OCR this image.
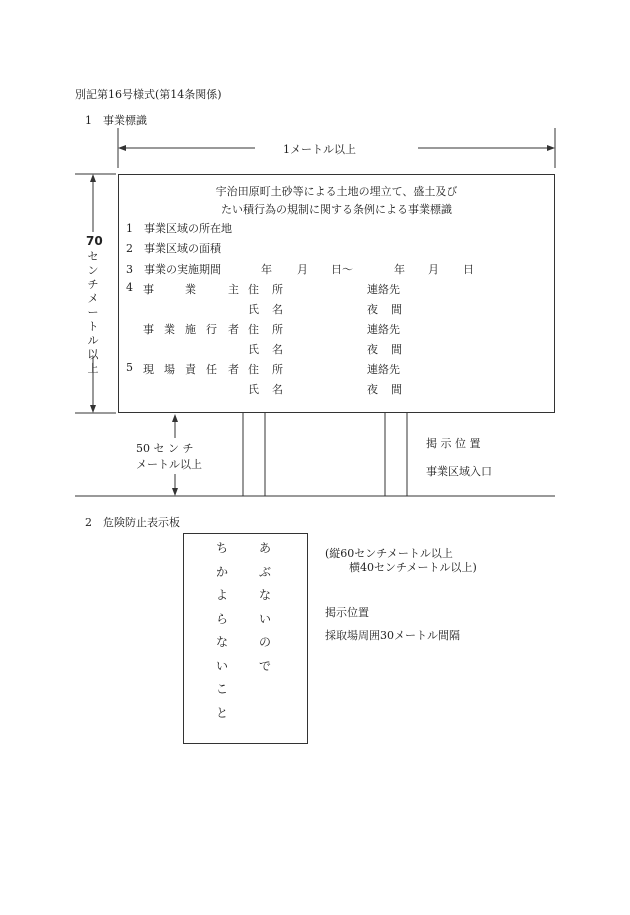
別記第16号様式(第14条関係)
1　事業標識
1メートル以上
70
セ
ン
チ
メ
ー
ト
ル
以
上
宇治田原町土砂等による土地の埋立て、盛土及び
たい積行為の規制に関する条例による事業標識
1　事業区域の所在地
2　事業区域の面積
3　事業の実施期間	年 月 日〜	年 月 日
4 事	業	主 住 所	連絡先
氏 名	夜 間
事 業 施 行 者 住 所	連絡先
氏 名	夜 間
5 現 場 責 任 者 住 所	連絡先
氏 名	夜 間
50 セ ン チ
メートル以上
掲 示 位 置
事業区域入口
2　危険防止表示板
あ
ぶ
な
い
の
で
ち
か
よ
ら
な
い
こ
と
(縦60センチメートル以上
横40センチメートル以上)
掲示位置
採取場周囲30メートル間隔
